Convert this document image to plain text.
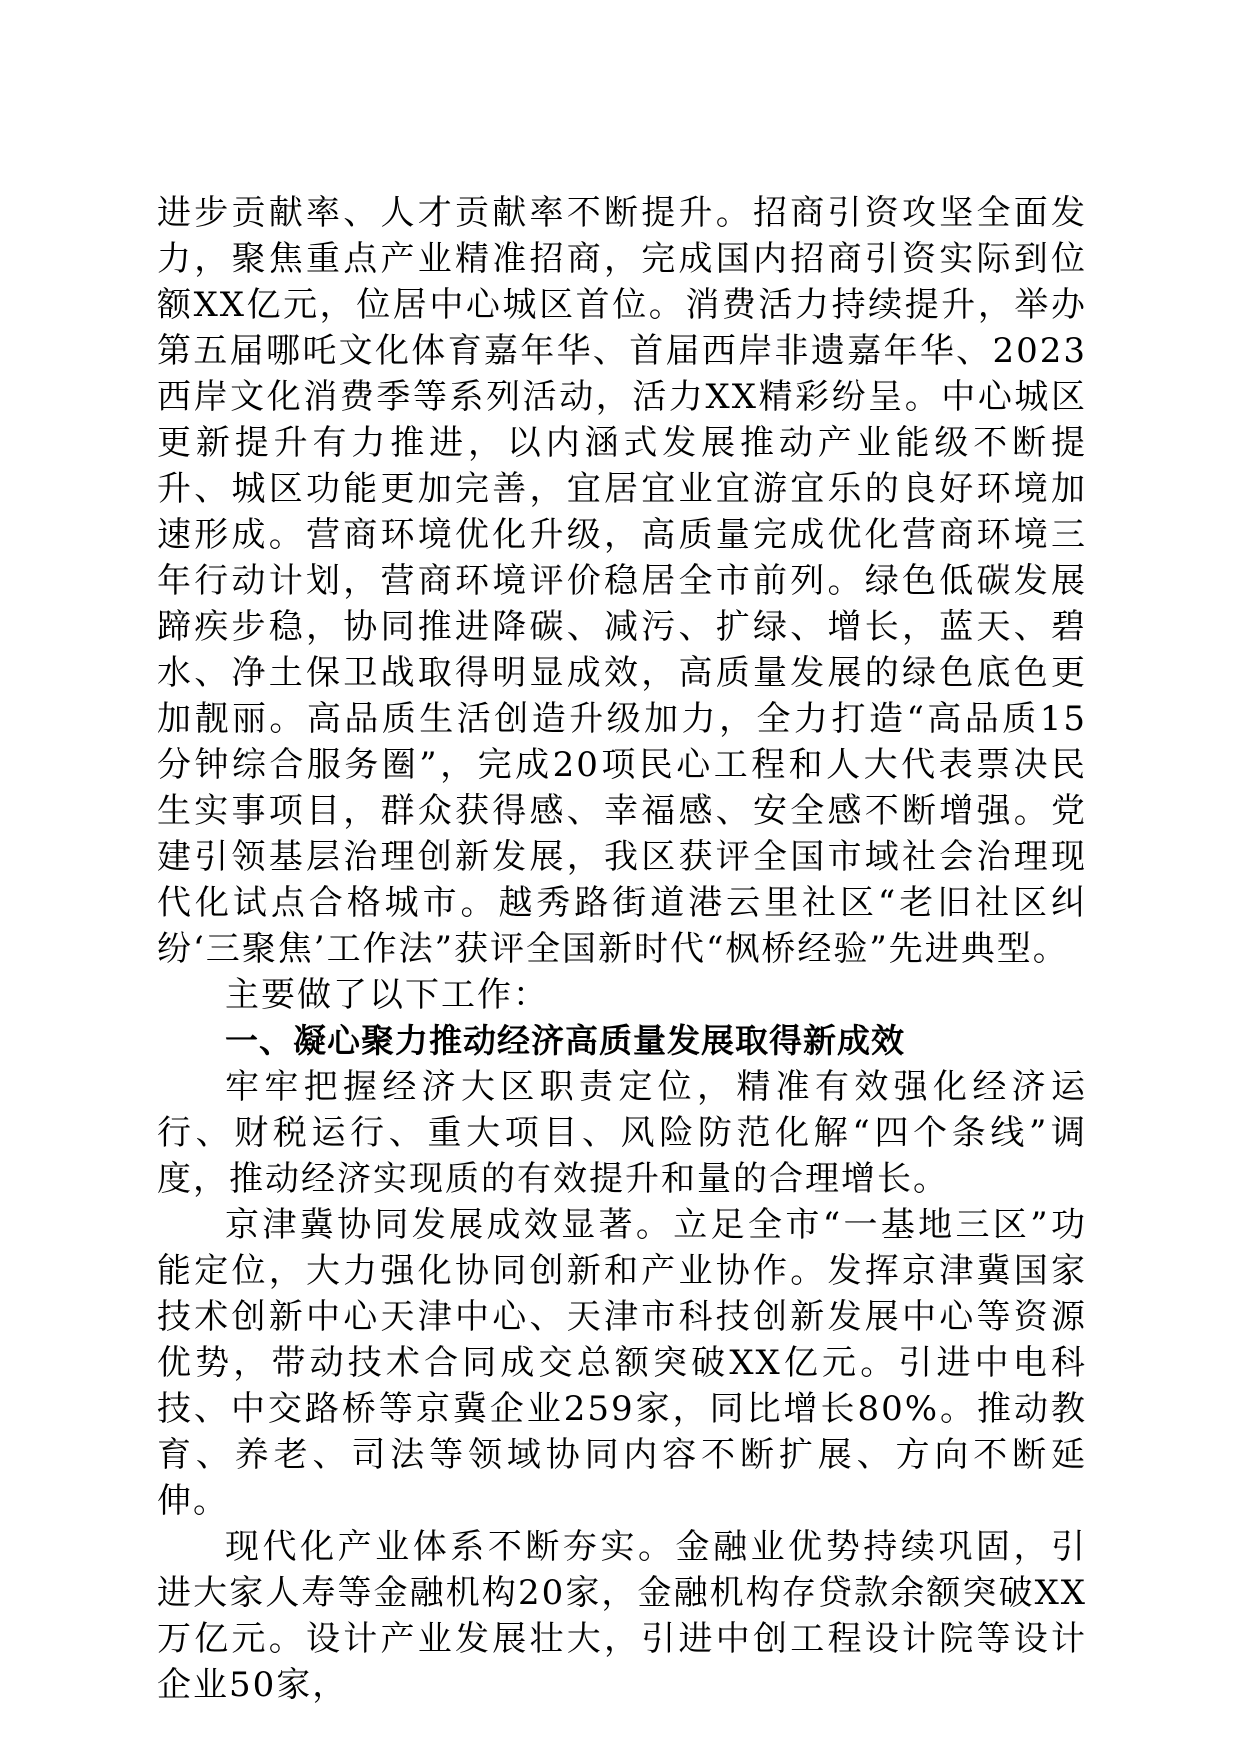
进步贡献率、人才贡献率不断提升。招商引资攻坚全面发力，聚焦重点产业精准招商，完成国内招商引资实际到位额XX亿元，位居中心城区首位。消费活力持续提升，举办第五届哪吒文化体育嘉年华、首届西岸非遗嘉年华、2023西岸文化消费季等系列活动，活力XX精彩纷呈。中心城区更新提升有力推进，以内涵式发展推动产业能级不断提升、城区功能更加完善，宜居宜业宜游宜乐的良好环境加速形成。营商环境优化升级，高质量完成优化营商环境三年行动计划，营商环境评价稳居全市前列。绿色低碳发展蹄疾步稳，协同推进降碳、减污、扩绿、增长，蓝天、碧水、净土保卫战取得明显成效，高质量发展的绿色底色更加靓丽。高品质生活创造升级加力，全力打造“高品质15分钟综合服务圈”，完成20项民心工程和人大代表票决民生实事项目，群众获得感、幸福感、安全感不断增强。党建引领基层治理创新发展，我区获评全国市域社会治理现代化试点合格城市。越秀路街道港云里社区“老旧社区纠纷‘三聚焦’工作法”获评全国新时代“枫桥经验”先进典型。

主要做了以下工作：

一、凝心聚力推动经济高质量发展取得新成效

牢牢把握经济大区职责定位，精准有效强化经济运行、财税运行、重大项目、风险防范化解“四个条线”调度，推动经济实现质的有效提升和量的合理增长。

京津冀协同发展成效显著。立足全市“一基地三区”功能定位，大力强化协同创新和产业协作。发挥京津冀国家技术创新中心天津中心、天津市科技创新发展中心等资源优势，带动技术合同成交总额突破XX亿元。引进中电科技、中交路桥等京冀企业259家，同比增长80%。推动教育、养老、司法等领域协同内容不断扩展、方向不断延伸。

现代化产业体系不断夯实。金融业优势持续巩固，引进大家人寿等金融机构20家，金融机构存贷款余额突破XX万亿元。设计产业发展壮大，引进中创工程设计院等设计企业50家，
